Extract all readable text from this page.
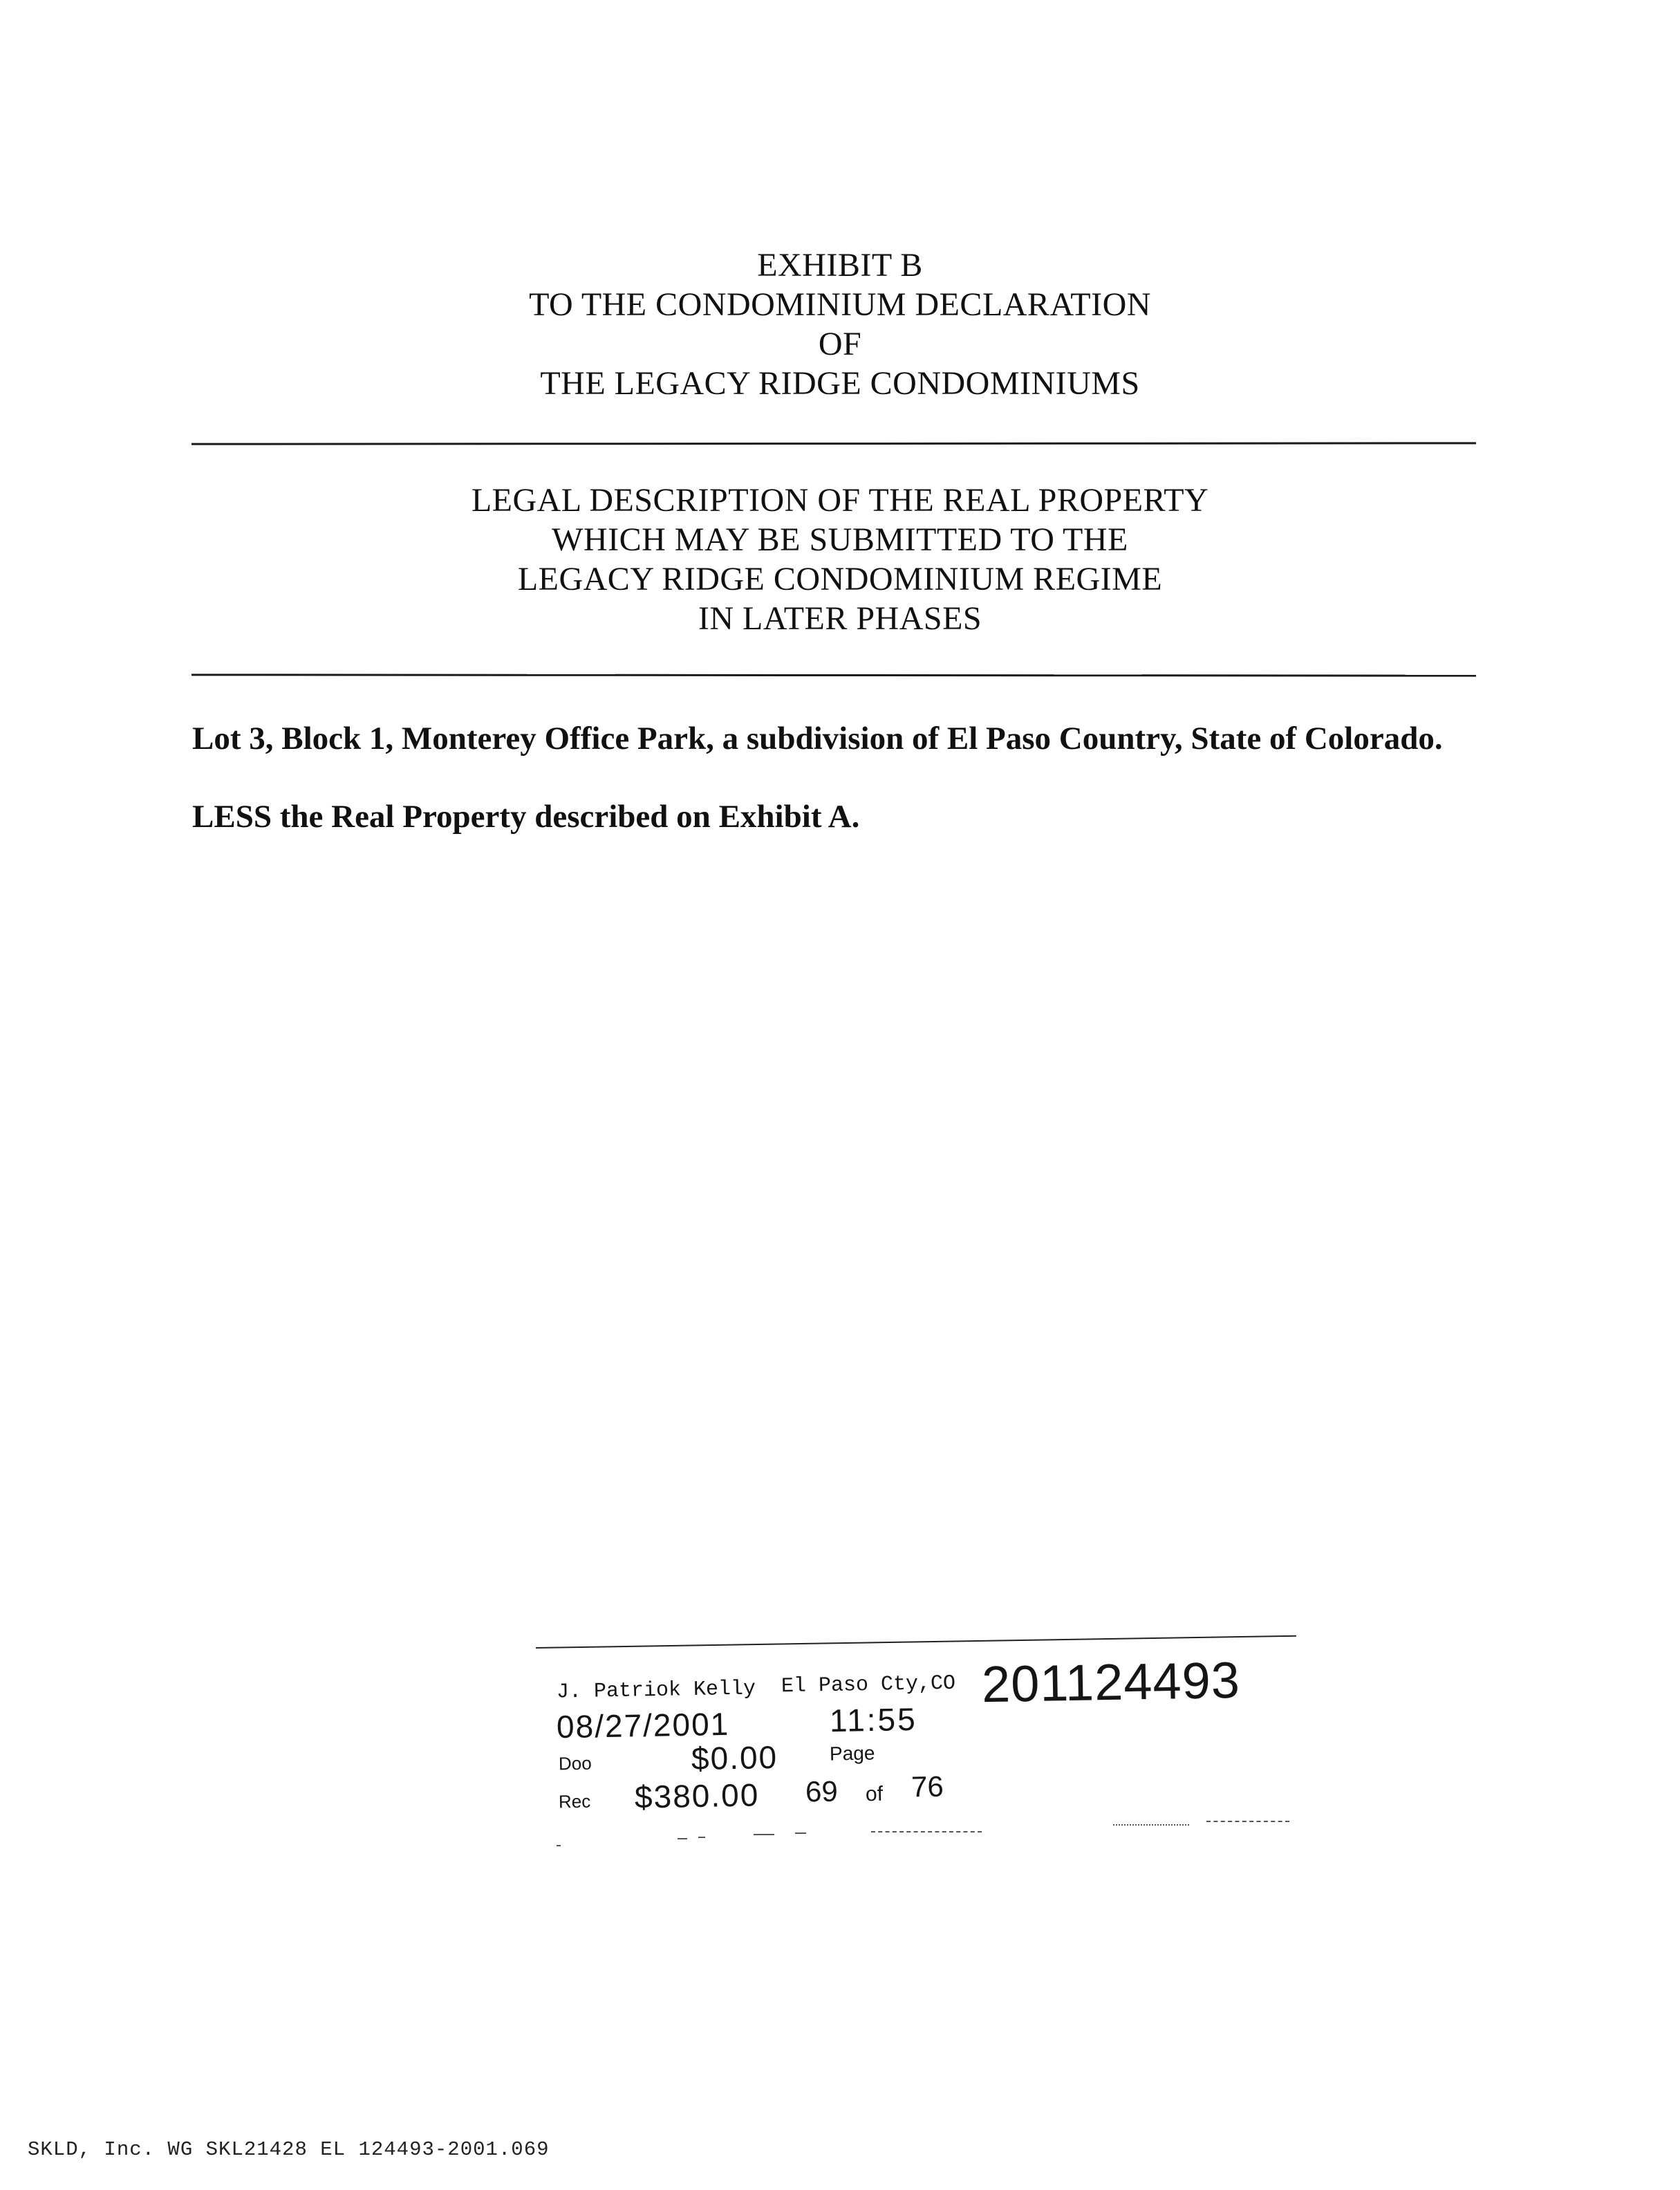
EXHIBIT B
TO THE CONDOMINIUM DECLARATION
OF
THE LEGACY RIDGE CONDOMINIUMS
LEGAL DESCRIPTION OF THE REAL PROPERTY
WHICH MAY BE SUBMITTED TO THE
LEGACY RIDGE CONDOMINIUM REGIME
IN LATER PHASES
Lot 3, Block 1, Monterey Office Park, a subdivision of El Paso Country, State of Colorado.
LESS the Real Property described on Exhibit A.
J. Patriok Kelly El Paso Cty,CO 201124493
08/27/2001	11:55
Doo	$0.00	Page
Rec $380.00 69 of 76
SKLD, Inc. WG SKL21428 EL 124493-2001.069
